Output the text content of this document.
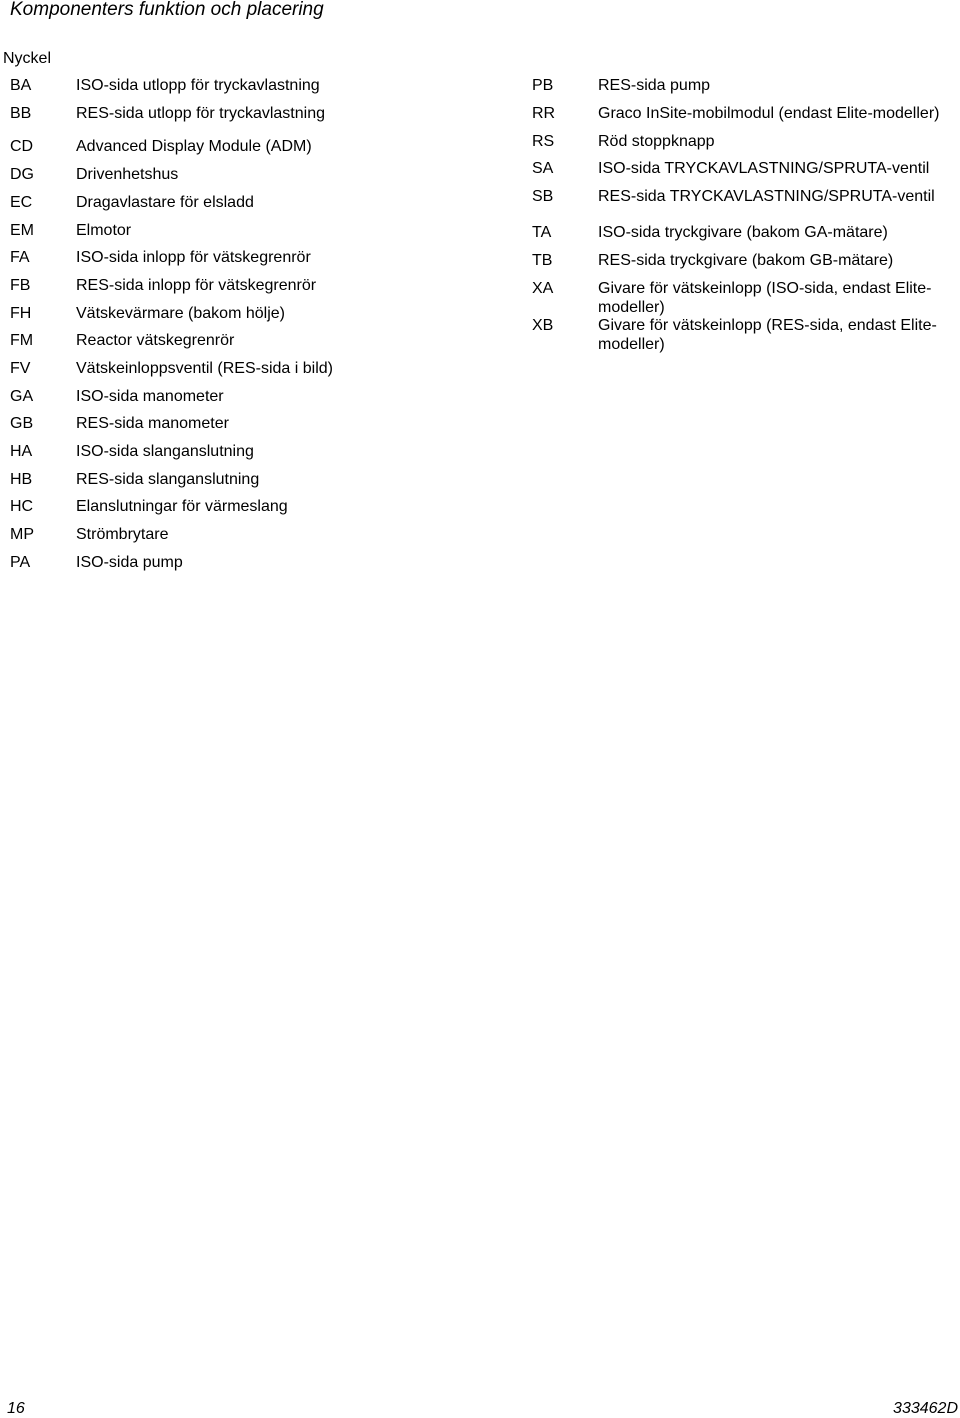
Komponenters funktion och placering
Nyckel
BA	ISO-sida utlopp för tryckavlastning
BB	RES-sida utlopp för tryckavlastning
CD	Advanced Display Module (ADM)
DG	Drivenhetshus
EC	Dragavlastare för elsladd
EM	Elmotor
FA	ISO-sida inlopp för vätskegrenrör
FB	RES-sida inlopp för vätskegrenrör
FH	Vätskevärmare (bakom hölje)
FM	Reactor vätskegrenrör
FV	Vätskeinloppsventil (RES-sida i bild)
GA	ISO-sida manometer
GB	RES-sida manometer
HA	ISO-sida slanganslutning
HB	RES-sida slanganslutning
HC	Elanslutningar för värmeslang
MP	Strömbrytare
PA	ISO-sida pump
PB	RES-sida pump
RR	Graco InSite-mobilmodul (endast Elite-modeller)
RS	Röd stoppknapp
SA	ISO-sida TRYCKAVLASTNING/SPRUTA-ventil
SB	RES-sida TRYCKAVLASTNING/SPRUTA-ventil
TA	ISO-sida tryckgivare (bakom GA-mätare)
TB	RES-sida tryckgivare (bakom GB-mätare)
XA	Givare för vätskeinlopp (ISO-sida, endast Elite-modeller)
XB	Givare för vätskeinlopp (RES-sida, endast Elite-modeller)
16	333462D
